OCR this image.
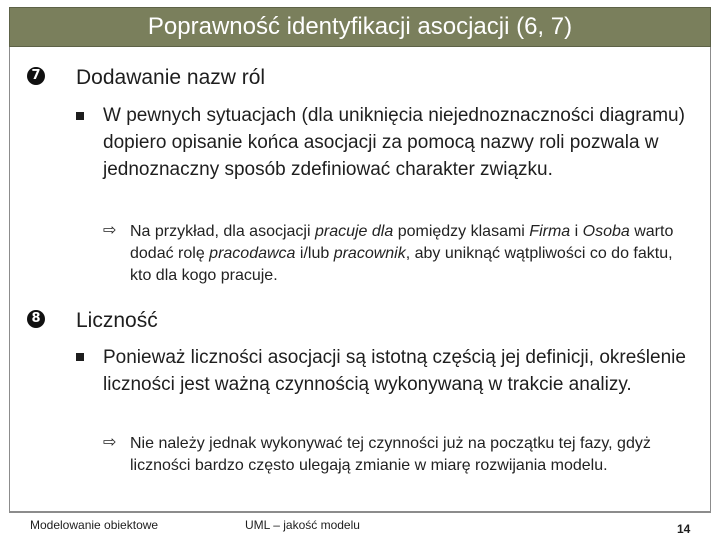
Poprawność identyfikacji asocjacji (6, 7)
7 Dodawanie nazw ról
W pewnych sytuacjach (dla uniknięcia niejednoznaczności diagramu) dopiero opisanie końca asocjacji za pomocą nazwy roli pozwala w jednoznaczny sposób zdefiniować charakter związku.
⇨ Na przykład, dla asocjacji pracuje dla pomiędzy klasami Firma i Osoba warto dodać rolę pracodawca i/lub pracownik, aby uniknąć wątpliwości co do faktu, kto dla kogo pracuje.
8 Liczność
Ponieważ liczności asocjacji są istotną częścią jej definicji, określenie liczności jest ważną czynnością wykonywaną w trakcie analizy.
⇨ Nie należy jednak wykonywać tej czynności już na początku tej fazy, gdyż liczności bardzo często ulegają zmianie w miarę rozwijania modelu.
Modelowanie obiektowe	UML – jakość modelu	14
